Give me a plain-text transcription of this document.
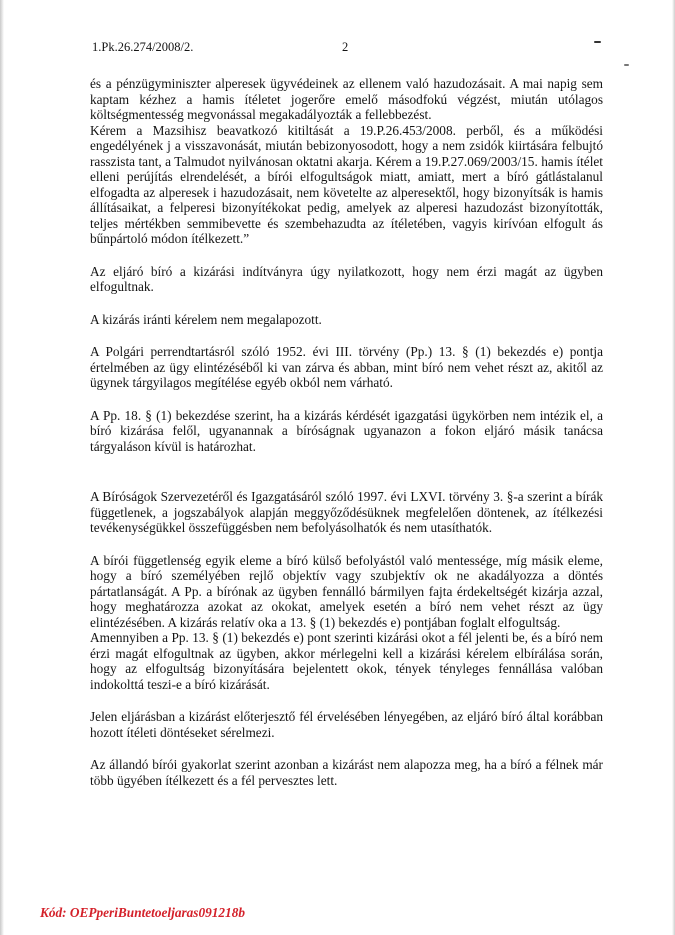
1.Pk.26.274/2008/2.	2

és a pénzügyminiszter alperesek ügyvédeinek az ellenem való hazudozásait. A mai napig sem kaptam kézhez a hamis ítéletet jogerőre emelő másodfokú végzést, miután utólagos költségmentesség megvonással megakadályozták a fellebbezést.

Kérem a Mazsihisz beavatkozó kitiltását a 19.P.26.453/2008. perből, és a működési engedélyének j a visszavonását, miután bebizonyosodott, hogy a nem zsidók kiirtására felbujtó rasszista tant, a Talmudot nyilvánosan oktatni akarja. Kérem a 19.P.27.069/2003/15. hamis ítélet elleni perújítás elrendelését, a bírói elfogultságok miatt, amiatt, mert a bíró gátlástalanul elfogadta az alperesek i hazudozásait, nem követelte az alperesektől, hogy bizonyítsák is hamis állításaikat, a felperesi bizonyítékokat pedig, amelyek az alperesi hazudozást bizonyították, teljes mértékben semmibevette és szembehazudta az ítéletében, vagyis kirívóan elfogult ás bűnpártoló módon ítélkezett.”

Az eljáró bíró a kizárási indítványra úgy nyilatkozott, hogy nem érzi magát az ügyben elfogultnak.

A kizárás iránti kérelem nem megalapozott.

A Polgári perrendtartásról szóló 1952. évi III. törvény (Pp.) 13. § (1) bekezdés e) pontja értelmében az ügy elintézéséből ki van zárva és abban, mint bíró nem vehet részt az, akitől az ügynek tárgyilagos megítélése egyéb okból nem várható.

A Pp. 18. § (1) bekezdése szerint, ha a kizárás kérdését igazgatási ügykörben nem intézik el, a bíró kizárása felől, ugyanannak a bíróságnak ugyanazon a fokon eljáró másik tanácsa tárgyaláson kívül is határozhat.

A Bíróságok Szervezetéről és Igazgatásáról szóló 1997. évi LXVI. törvény 3. §-a szerint a bírák függetlenek, a jogszabályok alapján meggyőződésüknek megfelelően döntenek, az ítélkezési tevékenységükkel összefüggésben nem befolyásolhatók és nem utasíthatók.

A bírói függetlenség egyik eleme a bíró külső befolyástól való mentessége, míg másik eleme, hogy a bíró személyében rejlő objektív vagy szubjektív ok ne akadályozza a döntés pártatlanságát. A Pp. a bírónak az ügyben fennálló bármilyen fajta érdekeltségét kizárja azzal, hogy meghatározza azokat az okokat, amelyek esetén a bíró nem vehet részt az ügy elintézésében. A kizárás relatív oka a 13. § (1) bekezdés e) pontjában foglalt elfogultság.

Amennyiben a Pp. 13. § (1) bekezdés e) pont szerinti kizárási okot a fél jelenti be, és a bíró nem érzi magát elfogultnak az ügyben, akkor mérlegelni kell a kizárási kérelem elbírálása során, hogy az elfogultság bizonyítására bejelentett okok, tények tényleges fennállása valóban indokolttá teszi-e a bíró kizárását.

Jelen eljárásban a kizárást előterjesztő fél érvelésében lényegében, az eljáró bíró által korábban hozott ítéleti döntéseket sérelmezi.

Az állandó bírói gyakorlat szerint azonban a kizárást nem alapozza meg, ha a bíró a félnek már több ügyében ítélkezett és a fél pervesztes lett.

Kód: OEPperiBuntetoeljaras091218b
